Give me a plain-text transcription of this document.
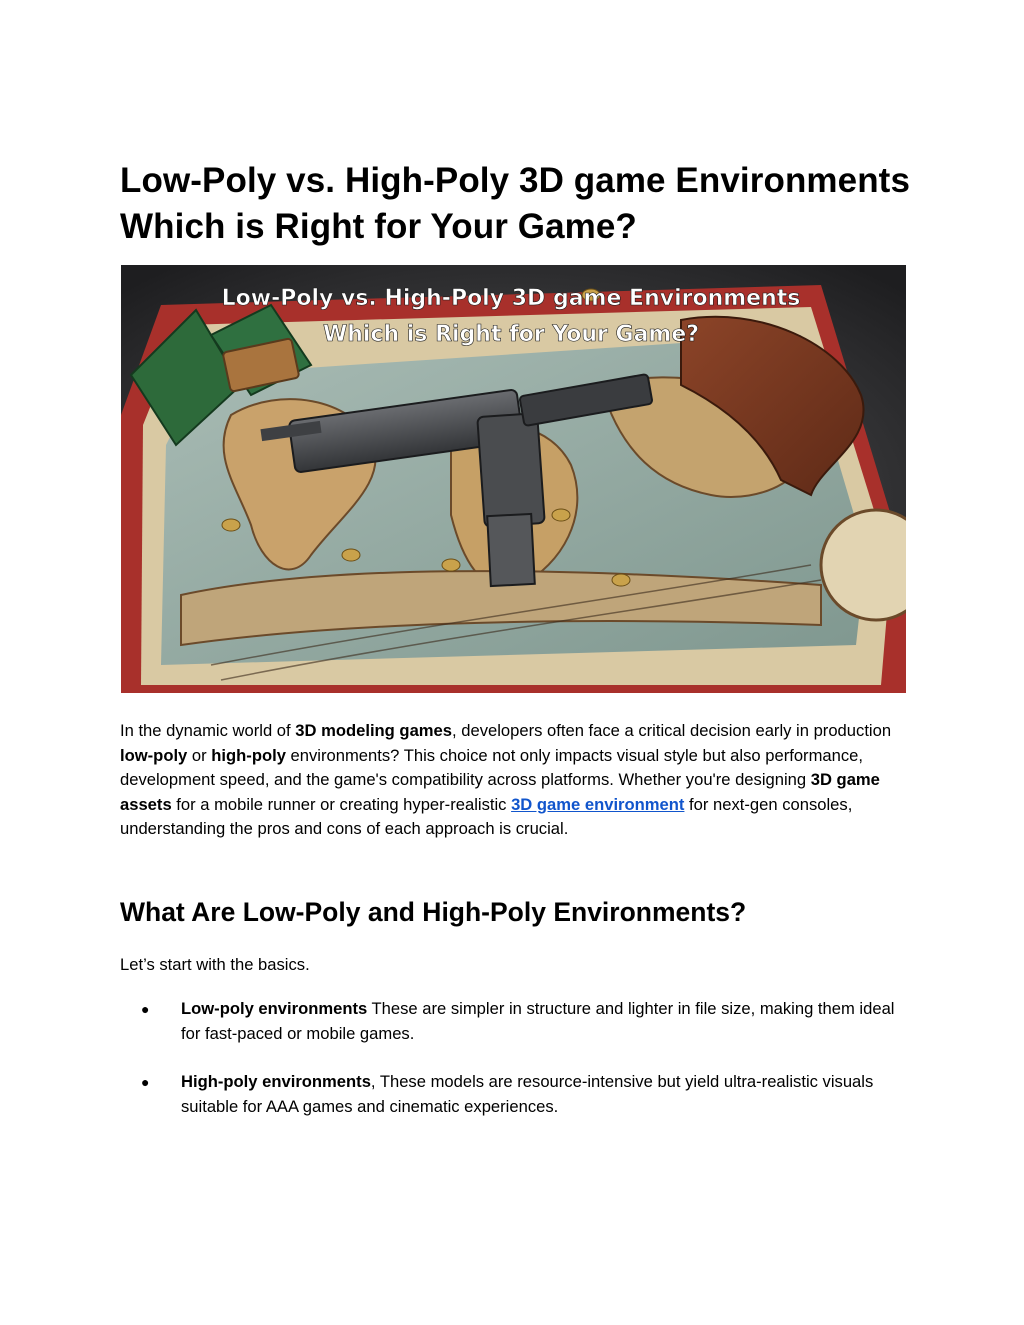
Low-Poly vs. High-Poly 3D game Environments
Which is Right for Your Game?
Low-Poly vs. High-Poly 3D game Environments
Which is Right for Your Game?

In the dynamic world of 3D modeling games, developers often face a critical decision early in production low-poly or high-poly environments? This choice not only impacts visual style but also performance, development speed, and the game's compatibility across platforms. Whether you're designing 3D game assets for a mobile runner or creating hyper-realistic 3D game environment for next-gen consoles, understanding the pros and cons of each approach is crucial.

What Are Low-Poly and High-Poly Environments?

Let’s start with the basics.

● Low-poly environments These are simpler in structure and lighter in file size, making them ideal for fast-paced or mobile games.
● High-poly environments, These models are resource-intensive but yield ultra-realistic visuals suitable for AAA games and cinematic experiences.
